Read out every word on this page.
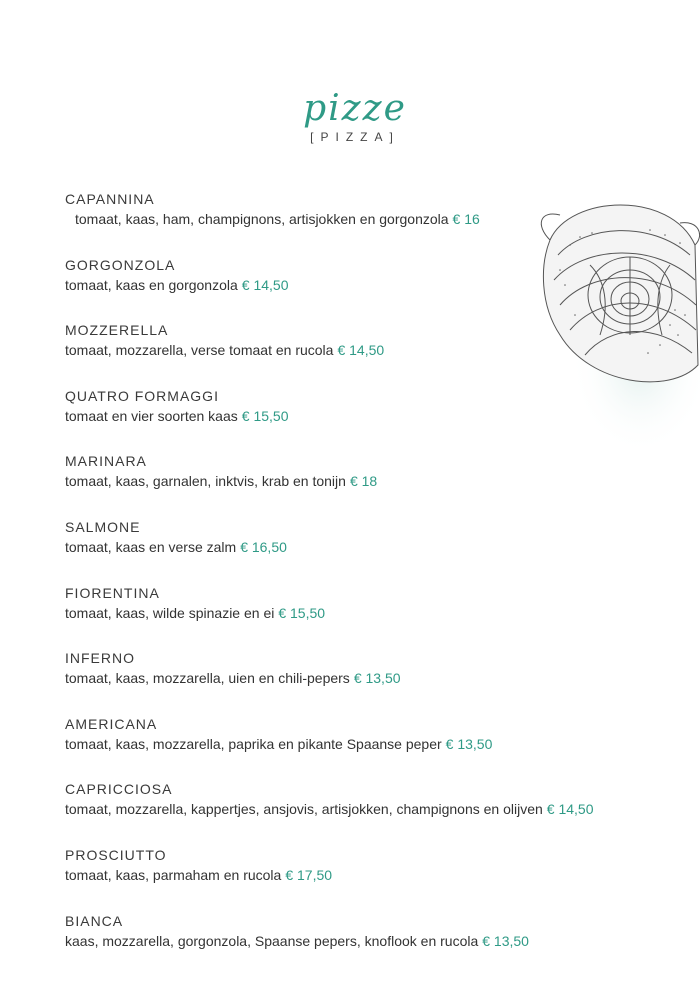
pizze
[PIZZA]
CAPANNINA
tomaat, kaas, ham, champignons, artisjokken en gorgonzola € 16
GORGONZOLA
tomaat, kaas en gorgonzola € 14,50
MOZZERELLA
tomaat, mozzarella, verse tomaat en rucola € 14,50
QUATRO FORMAGGI
tomaat en vier soorten kaas € 15,50
MARINARA
tomaat, kaas, garnalen, inktvis, krab en tonijn € 18
SALMONE
tomaat, kaas en verse zalm € 16,50
FIORENTINA
tomaat, kaas, wilde spinazie en ei € 15,50
INFERNO
tomaat, kaas, mozzarella, uien en chili-pepers € 13,50
AMERICANA
tomaat, kaas, mozzarella, paprika en pikante Spaanse peper € 13,50
CAPRICCIOSA
tomaat, mozzarella, kappertjes, ansjovis, artisjokken, champignons en olijven € 14,50
PROSCIUTTO
tomaat, kaas, parmaham en rucola € 17,50
BIANCA
kaas, mozzarella, gorgonzola, Spaanse pepers, knoflook en rucola € 13,50
